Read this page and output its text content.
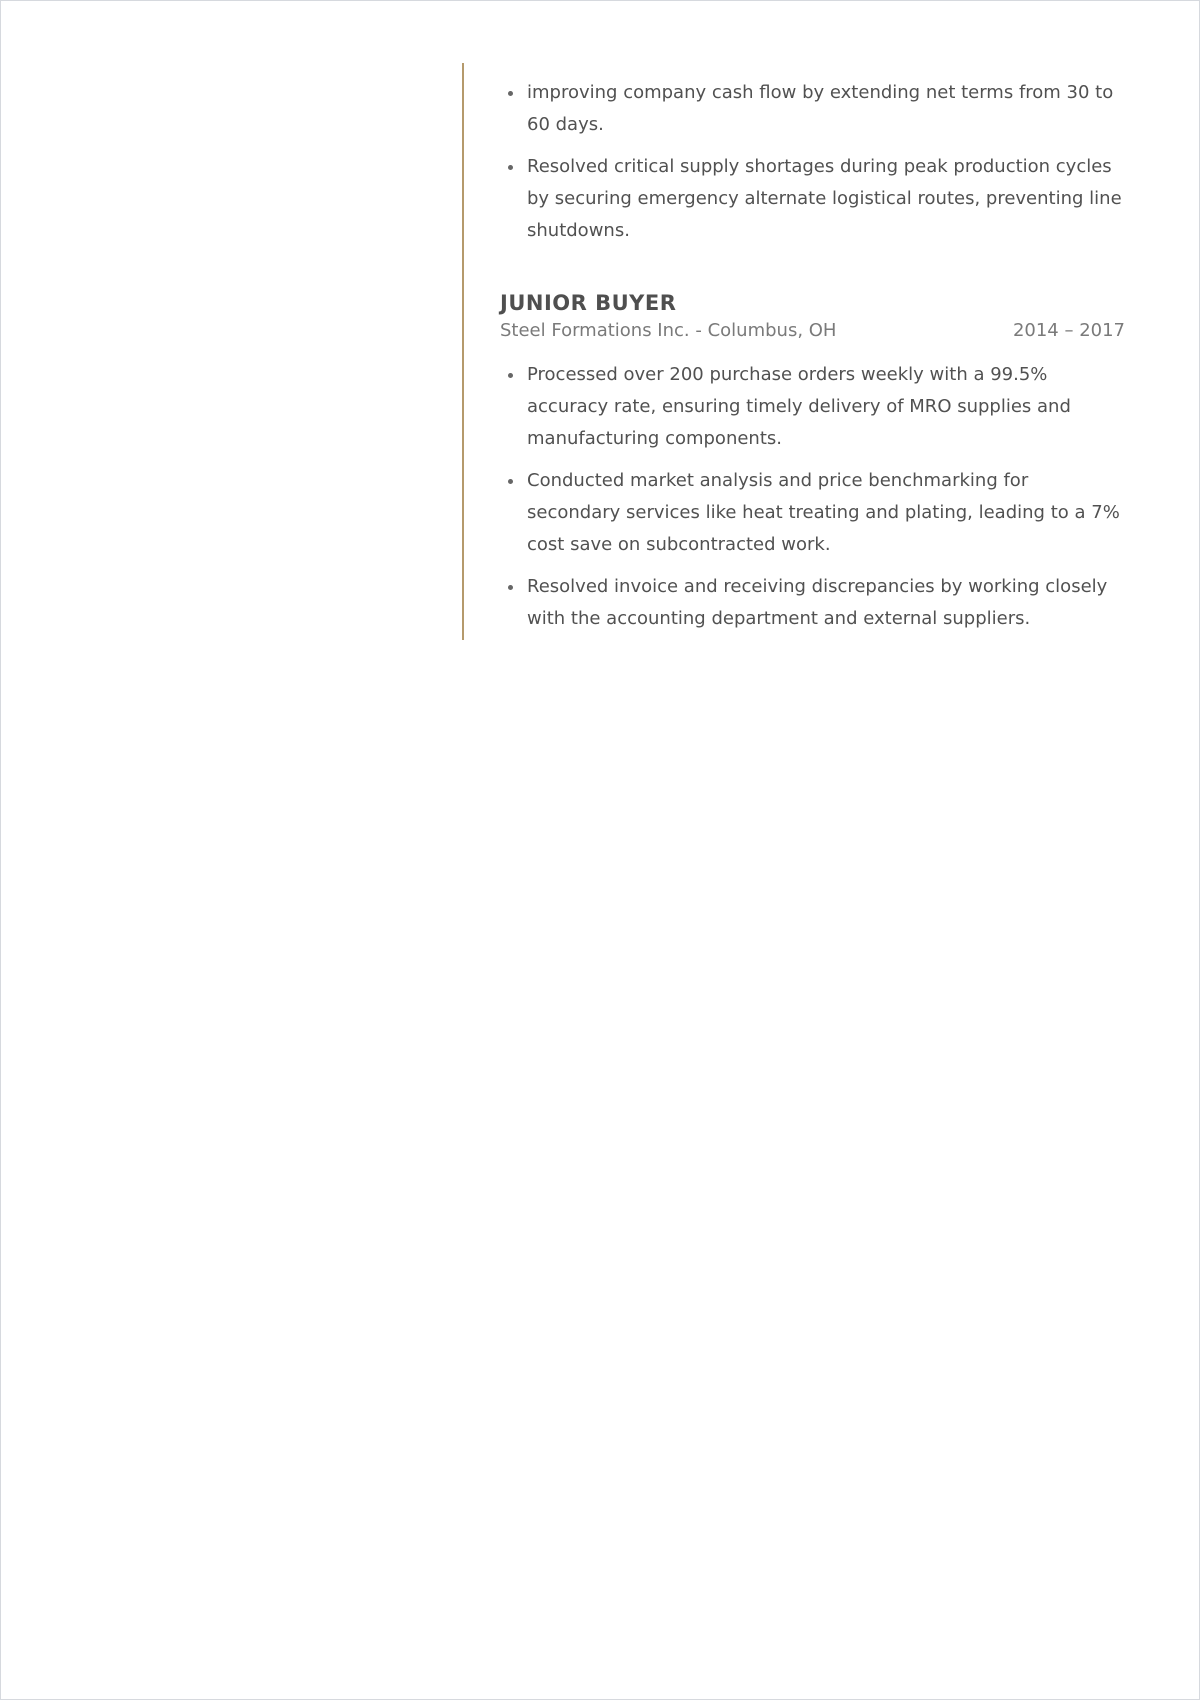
improving company cash flow by extending net terms from 30 to 60 days.
Resolved critical supply shortages during peak production cycles by securing emergency alternate logistical routes, preventing line shutdowns.
JUNIOR BUYER
Steel Formations Inc. - Columbus, OH	2014 – 2017
Processed over 200 purchase orders weekly with a 99.5% accuracy rate, ensuring timely delivery of MRO supplies and manufacturing components.
Conducted market analysis and price benchmarking for secondary services like heat treating and plating, leading to a 7% cost save on subcontracted work.
Resolved invoice and receiving discrepancies by working closely with the accounting department and external suppliers.
